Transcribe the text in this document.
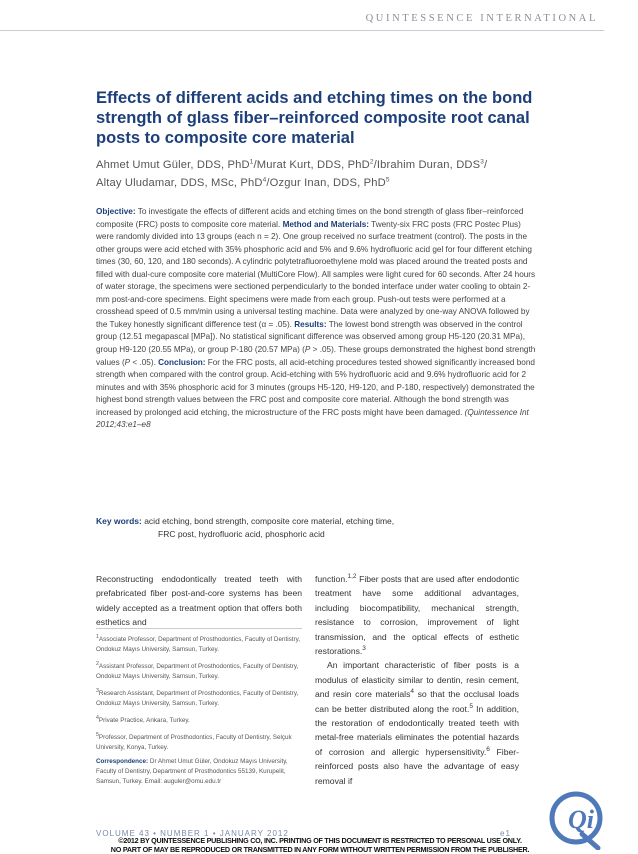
QUINTESSENCE INTERNATIONAL
Effects of different acids and etching times on the bond strength of glass fiber–reinforced composite root canal posts to composite core material
Ahmet Umut Güler, DDS, PhD$^1$/Murat Kurt, DDS, PhD$^2$/Ibrahim Duran, DDS$^3$/
Altay Uludamar, DDS, MSc, PhD$^4$/Ozgur Inan, DDS, PhD$^5$
Objective: To investigate the effects of different acids and etching times on the bond strength of glass fiber–reinforced composite (FRC) posts to composite core material. Method and Materials: Twenty-six FRC posts (FRC Postec Plus) were randomly divided into 13 groups (each n = 2). One group received no surface treatment (control). The posts in the other groups were acid etched with 35% phosphoric acid and 5% and 9.6% hydrofluoric acid gel for four different etching times (30, 60, 120, and 180 seconds). A cylindric polytetrafluoroethylene mold was placed around the treated posts and filled with dual-cure composite core material (MultiCore Flow). All samples were light cured for 60 seconds. After 24 hours of water storage, the specimens were sectioned perpendicularly to the bonded interface under water cooling to obtain 2-mm post-and-core specimens. Eight specimens were made from each group. Push-out tests were performed at a crosshead speed of 0.5 mm/min using a universal testing machine. Data were analyzed by one-way ANOVA followed by the Tukey honestly significant difference test (α = .05). Results: The lowest bond strength was observed in the control group (12.51 megapascal [MPa]). No statistical significant difference was observed among group H5-120 (20.31 MPa), group H9-120 (20.55 MPa), or group P-180 (20.57 MPa) (P > .05). These groups demonstrated the highest bond strength values (P < .05). Conclusion: For the FRC posts, all acid-etching procedures tested showed significantly increased bond strength when compared with the control group. Acid-etching with 5% hydrofluoric acid and 9.6% hydrofluoric acid for 2 minutes and with 35% phosphoric acid for 3 minutes (groups H5-120, H9-120, and P-180, respectively) demonstrated the highest bond strength values between the FRC post and composite core material. Although the bond strength was increased by prolonged acid etching, the microstructure of the FRC posts might have been damaged. (Quintessence Int 2012;43:e1–e8
Key words: acid etching, bond strength, composite core material, etching time,
FRC post, hydrofluoric acid, phosphoric acid

Reconstructing endodontically treated teeth with prefabricated fiber post-and-core systems has been widely accepted as a treatment option that offers both esthetics and

$^1$Associate Professor, Department of Prosthodontics, Faculty of Dentistry, Ondokuz Mayıs University, Samsun, Turkey.
$^2$Assistant Professor, Department of Prosthodontics, Faculty of Dentistry, Ondokuz Mayıs University, Samsun, Turkey.
$^3$Research Assistant, Department of Prosthodontics, Faculty of Dentistry, Ondokuz Mayıs University, Samsun, Turkey.
$^4$Private Practice, Ankara, Turkey.
$^5$Professor, Department of Prosthodontics, Faculty of Dentistry, Selçuk University, Konya, Turkey.
Correspondence: Dr Ahmet Umut Güler, Ondokuz Mayıs University, Faculty of Dentistry, Department of Prosthodontics 55139, Kurupelit, Samsun, Turkey. Email: auguler@omu.edu.tr

function.$^{1,2}$ Fiber posts that are used after endodontic treatment have some additional advantages, including biocompatibility, mechanical strength, resistance to corrosion, improvement of light transmission, and the optical effects of esthetic restorations.$^3$

An important characteristic of fiber posts is a modulus of elasticity similar to dentin, resin cement, and resin core materials$^4$ so that the occlusal loads can be better distributed along the root.$^5$ In addition, the restoration of endodontically treated teeth with metal-free materials eliminates the potential hazards of corrosion and allergic hypersensitivity.$^6$ Fiber-reinforced posts also have the advantage of easy removal if

VOLUME 43 • NUMBER 1 • JANUARY 2012	e1
©2012 BY QUINTESSENCE PUBLISHING CO, INC. PRINTING OF THIS DOCUMENT IS RESTRICTED TO PERSONAL USE ONLY.
NO PART OF MAY BE REPRODUCED OR TRANSMITTED IN ANY FORM WITHOUT WRITTEN PERMISSION FROM THE PUBLISHER.
Qi
